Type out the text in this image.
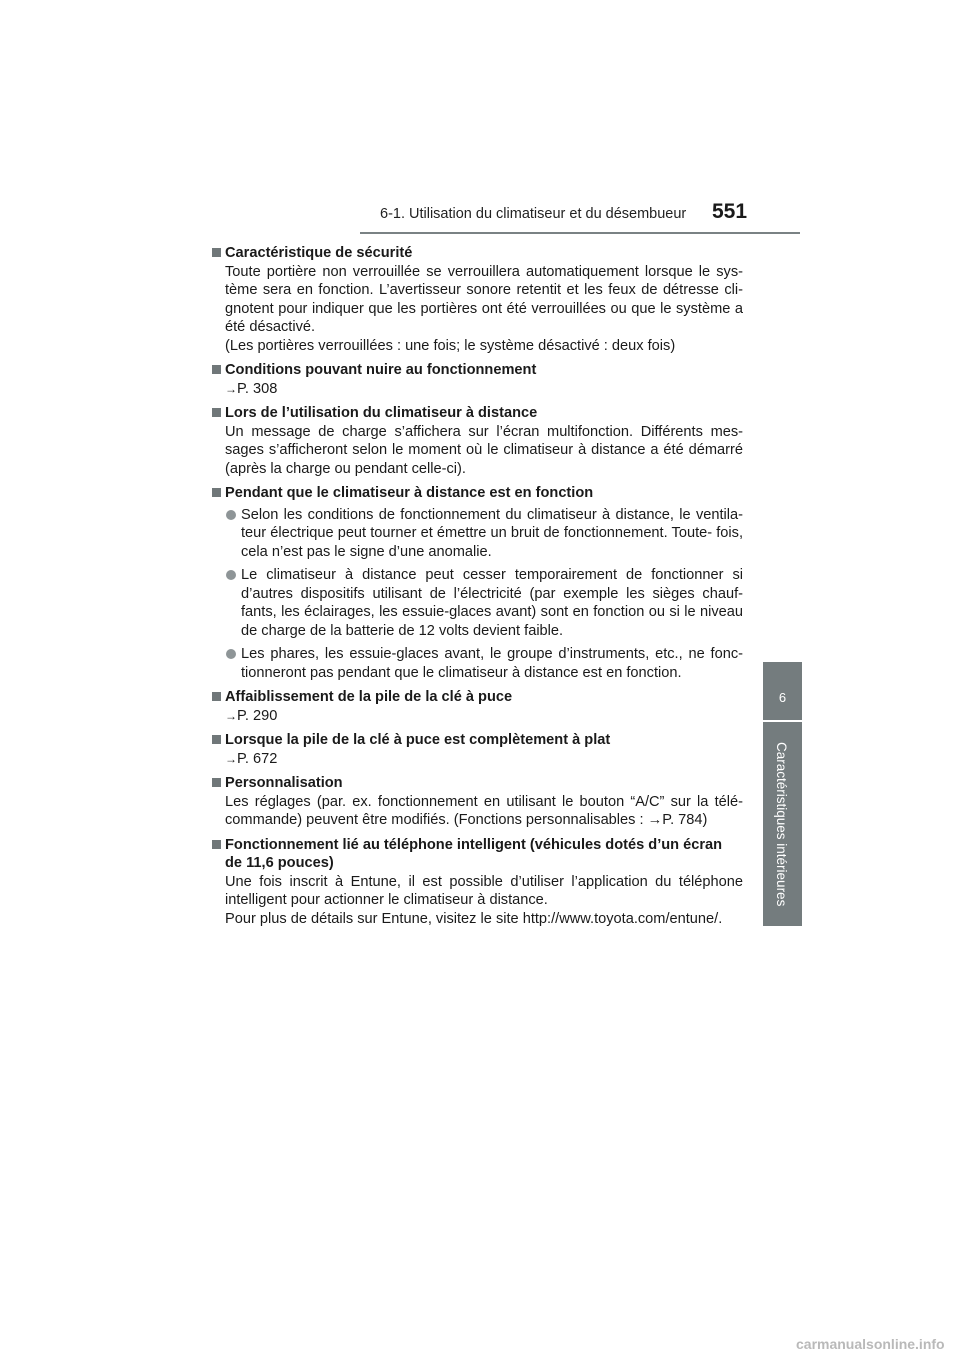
6-1. Utilisation du climatiseur et du désembueur 551
6
Caractéristiques intérieures
Caractéristique de sécurité
Toute portière non verrouillée se verrouillera automatiquement lorsque le sys- tème sera en fonction. L’avertisseur sonore retentit et les feux de détresse cli- gnotent pour indiquer que les portières ont été verrouillées ou que le système a été désactivé.
(Les portières verrouillées : une fois; le système désactivé : deux fois)
Conditions pouvant nuire au fonctionnement
→P. 308
Lors de l’utilisation du climatiseur à distance
Un message de charge s’affichera sur l’écran multifonction. Différents mes- sages s’afficheront selon le moment où le climatiseur à distance a été démarré (après la charge ou pendant celle-ci).
Pendant que le climatiseur à distance est en fonction
Selon les conditions de fonctionnement du climatiseur à distance, le ventila- teur électrique peut tourner et émettre un bruit de fonctionnement. Toute- fois, cela n’est pas le signe d’une anomalie.
Le climatiseur à distance peut cesser temporairement de fonctionner si d’autres dispositifs utilisant de l’électricité (par exemple les sièges chauf- fants, les éclairages, les essuie-glaces avant) sont en fonction ou si le niveau de charge de la batterie de 12 volts devient faible.
Les phares, les essuie-glaces avant, le groupe d’instruments, etc., ne fonc- tionneront pas pendant que le climatiseur à distance est en fonction.
Affaiblissement de la pile de la clé à puce
→P. 290
Lorsque la pile de la clé à puce est complètement à plat
→P. 672
Personnalisation
Les réglages (par. ex. fonctionnement en utilisant le bouton “A/C” sur la télé- commande) peuvent être modifiés. (Fonctions personnalisables : →P. 784)
Fonctionnement lié au téléphone intelligent (véhicules dotés d’un écran de 11,6 pouces)
Une fois inscrit à Entune, il est possible d’utiliser l’application du téléphone intelligent pour actionner le climatiseur à distance.
Pour plus de détails sur Entune, visitez le site http://www.toyota.com/entune/.
carmanualsonline.info
